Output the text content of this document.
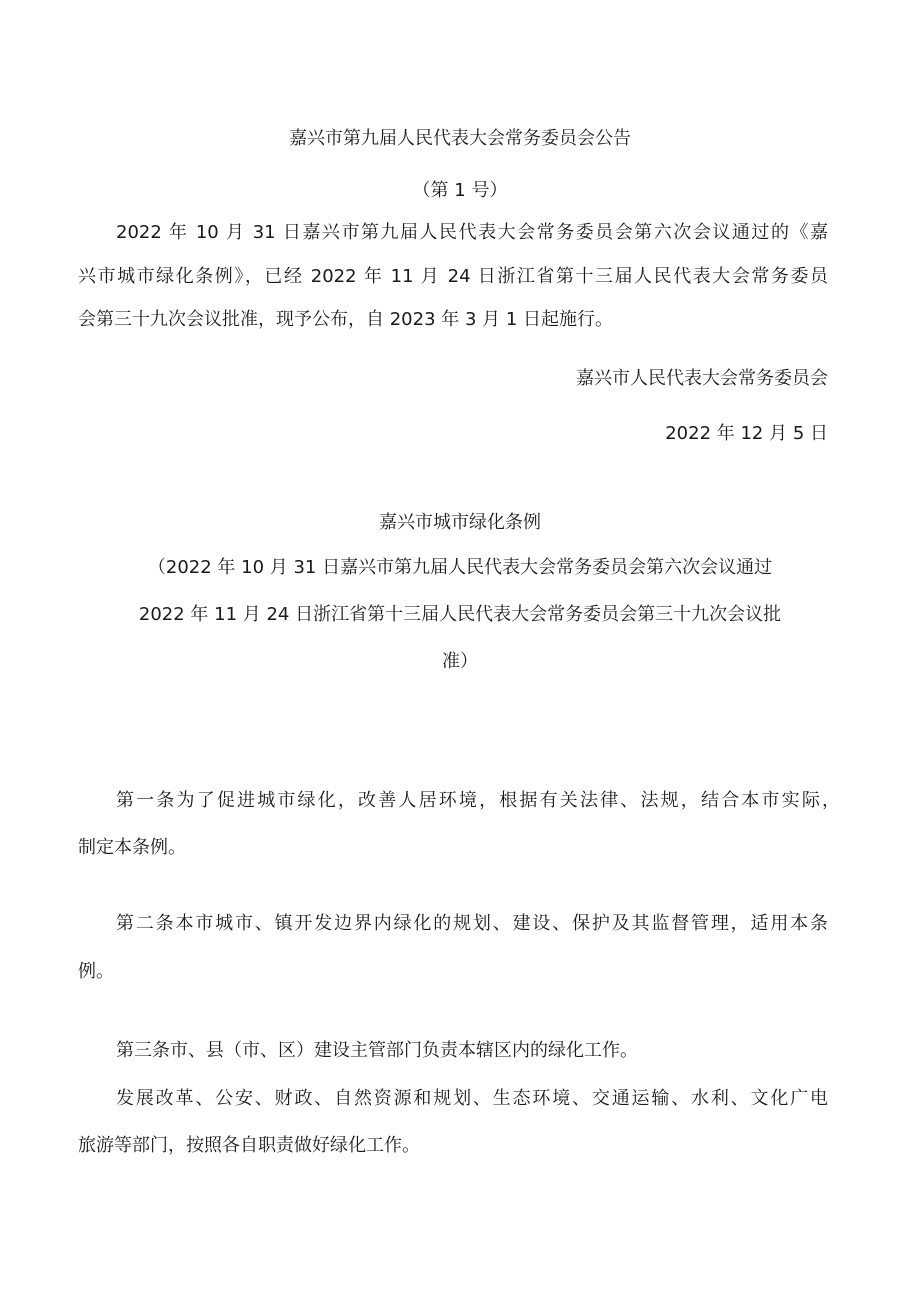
嘉兴市第九届人民代表大会常务委员会公告
（第 1 号）
2022 年 10 月 31 日嘉兴市第九届人民代表大会常务委员会第六次会议通过的《嘉
兴市城市绿化条例》，已经 2022 年 11 月 24 日浙江省第十三届人民代表大会常务委员
会第三十九次会议批准，现予公布，自 2023 年 3 月 1 日起施行。
嘉兴市人民代表大会常务委员会
2022 年 12 月 5 日
嘉兴市城市绿化条例
（2022 年 10 月 31 日嘉兴市第九届人民代表大会常务委员会第六次会议通过
2022 年 11 月 24 日浙江省第十三届人民代表大会常务委员会第三十九次会议批
准）
第一条为了促进城市绿化，改善人居环境，根据有关法律、法规，结合本市实际，
制定本条例。
第二条本市城市、镇开发边界内绿化的规划、建设、保护及其监督管理，适用本条
例。
第三条市、县（市、区）建设主管部门负责本辖区内的绿化工作。
发展改革、公安、财政、自然资源和规划、生态环境、交通运输、水利、文化广电
旅游等部门，按照各自职责做好绿化工作。
